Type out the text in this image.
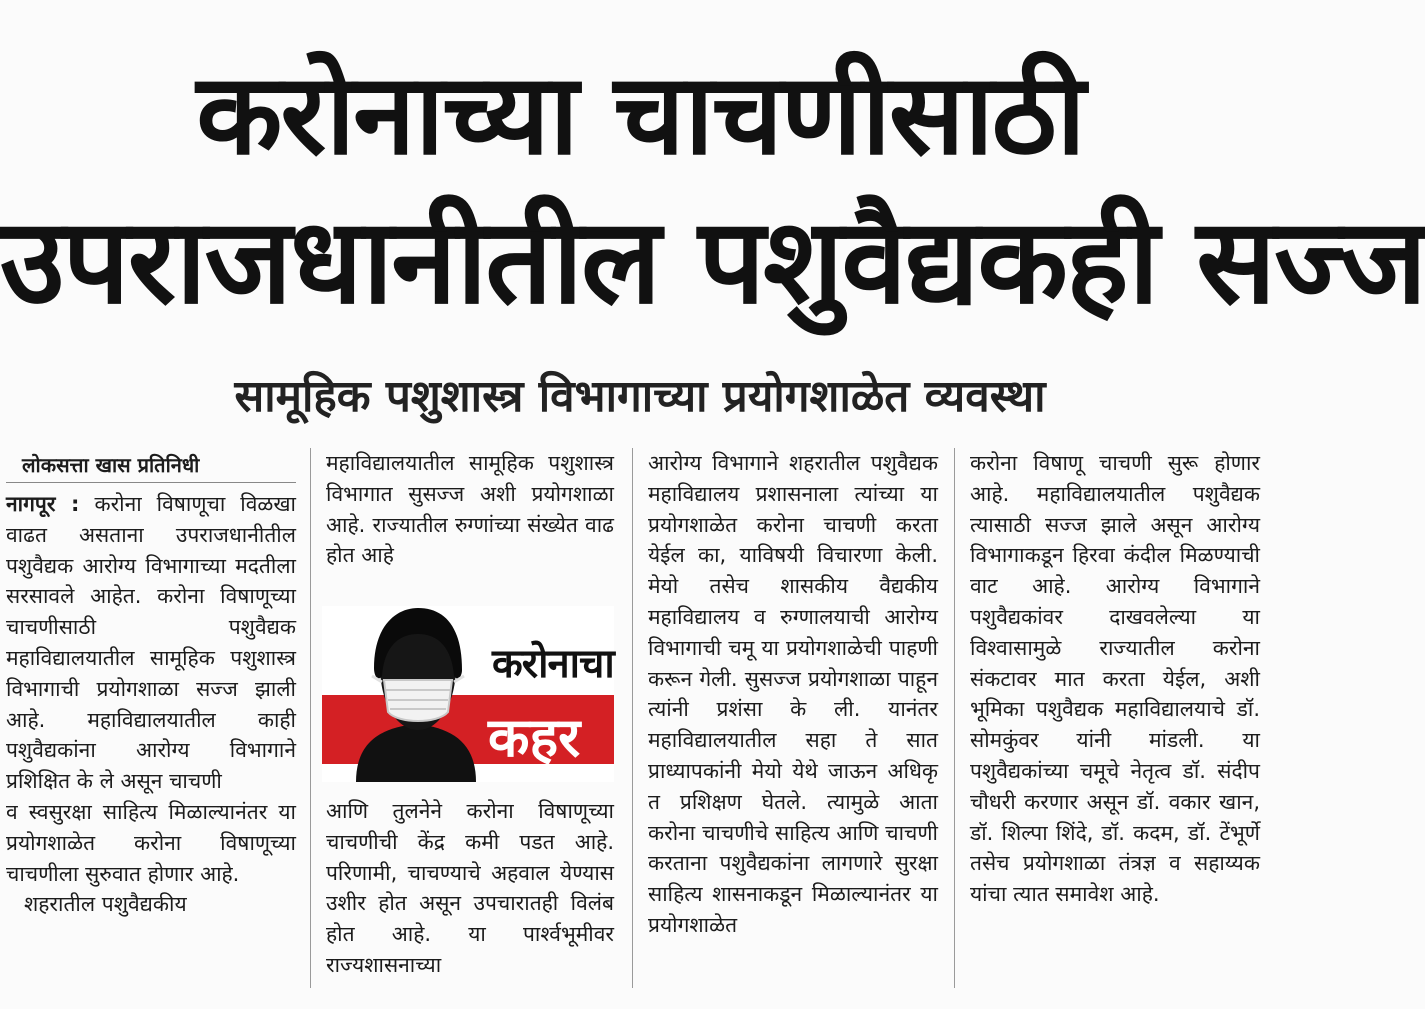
करोनाच्या चाचणीसाठी
उपराजधानीतील पशुवैद्यकही सज्ज
सामूहिक पशुशास्त्र विभागाच्या प्रयोगशाळेत व्यवस्था
लोकसत्ता खास प्रतिनिधी

नागपूर : करोना विषाणूचा विळखा वाढत असताना उपराजधानीतील पशुवैद्यक आरोग्य विभागाच्या मदतीला सरसावले आहेत. करोना विषाणूच्या चाचणीसाठी पशुवैद्यक महाविद्यालयातील सामूहिक पशुशास्त्र विभागाची प्रयोगशाळा सज्ज झाली आहे. महाविद्यालयातील काही पशुवैद्यकांना आरोग्य विभागाने प्रशिक्षित के ले असून चाचणी

व स्वसुरक्षा साहित्य मिळाल्यानंतर या प्रयोगशाळेत करोना विषाणूच्या चाचणीला सुरुवात होणार आहे.

शहरातील पशुवैद्यकीय

महाविद्यालयातील सामूहिक पशुशास्त्र विभागात सुसज्ज अशी प्रयोगशाळा आहे. राज्यातील रुग्णांच्या संख्येत वाढ होत आहे

करोनाचा
कहर

आणि तुलनेने करोना विषाणूच्या चाचणीची केंद्र कमी पडत आहे. परिणामी, चाचण्याचे अहवाल येण्यास उशीर होत असून उपचारातही विलंब होत आहे. या पार्श्वभूमीवर राज्यशासनाच्या

आरोग्य विभागाने शहरातील पशुवैद्यक महाविद्यालय प्रशासनाला त्यांच्या या प्रयोगशाळेत करोना चाचणी करता येईल का, याविषयी विचारणा केली. मेयो तसेच शासकीय वैद्यकीय महाविद्यालय व रुग्णालयाची आरोग्य विभागाची चमू या प्रयोगशाळेची पाहणी करून गेली. सुसज्ज प्रयोगशाळा पाहून त्यांनी प्रशंसा के ली. यानंतर महाविद्यालयातील सहा ते सात प्राध्यापकांनी मेयो येथे जाऊन अधिकृ त प्रशिक्षण घेतले. त्यामुळे आता करोना चाचणीचे साहित्य आणि चाचणी करताना पशुवैद्यकांना लागणारे सुरक्षा साहित्य शासनाकडून मिळाल्यानंतर या प्रयोगशाळेत

करोना विषाणू चाचणी सुरू होणार आहे. महाविद्यालयातील पशुवैद्यक त्यासाठी सज्ज झाले असून आरोग्य विभागाकडून हिरवा कंदील मिळण्याची वाट आहे. आरोग्य विभागाने पशुवैद्यकांवर दाखवलेल्या या विश्वासामुळे राज्यातील करोना संकटावर मात करता येईल, अशी भूमिका पशुवैद्यक महाविद्यालयाचे डॉ. सोमकुंवर यांनी मांडली. या पशुवैद्यकांच्या चमूचे नेतृत्व डॉ. संदीप चौधरी करणार असून डॉ. वकार खान, डॉ. शिल्पा शिंदे, डॉ. कदम, डॉ. टेंभूर्णे तसेच प्रयोगशाळा तंत्रज्ञ व सहाय्यक यांचा त्यात समावेश आहे.
